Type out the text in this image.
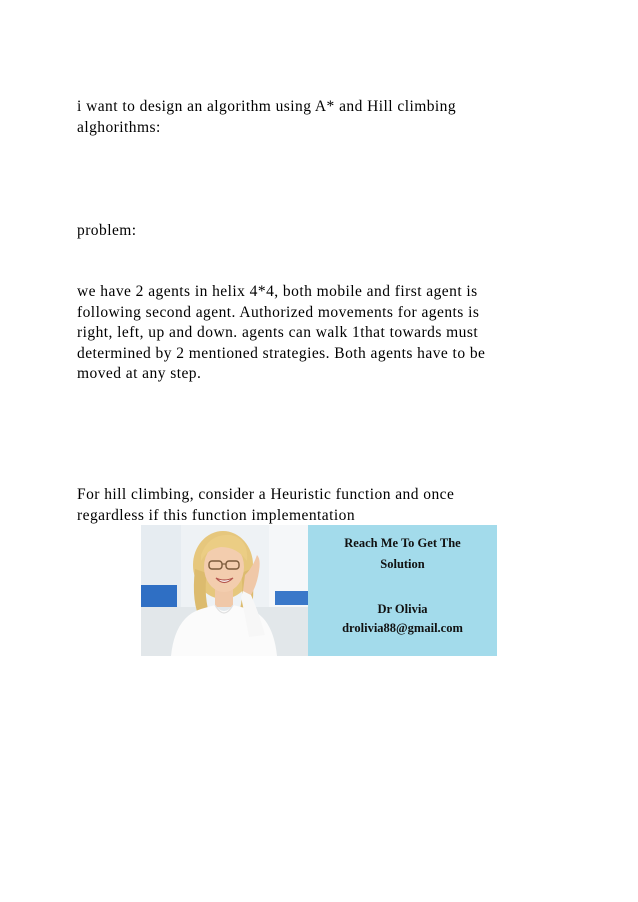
i want to design an algorithm using A* and Hill climbing
alghorithms:

problem:

we have 2 agents in helix 4*4, both mobile and first agent is
following second agent. Authorized movements for agents is
right, left, up and down. agents can walk 1that towards must
determined by 2 mentioned strategies. Both agents have to be
moved at any step.

For hill climbing, consider a Heuristic function and once
regardless if this function implementation

Reach Me To Get The
Solution
Dr Olivia
drolivia88@gmail.com
